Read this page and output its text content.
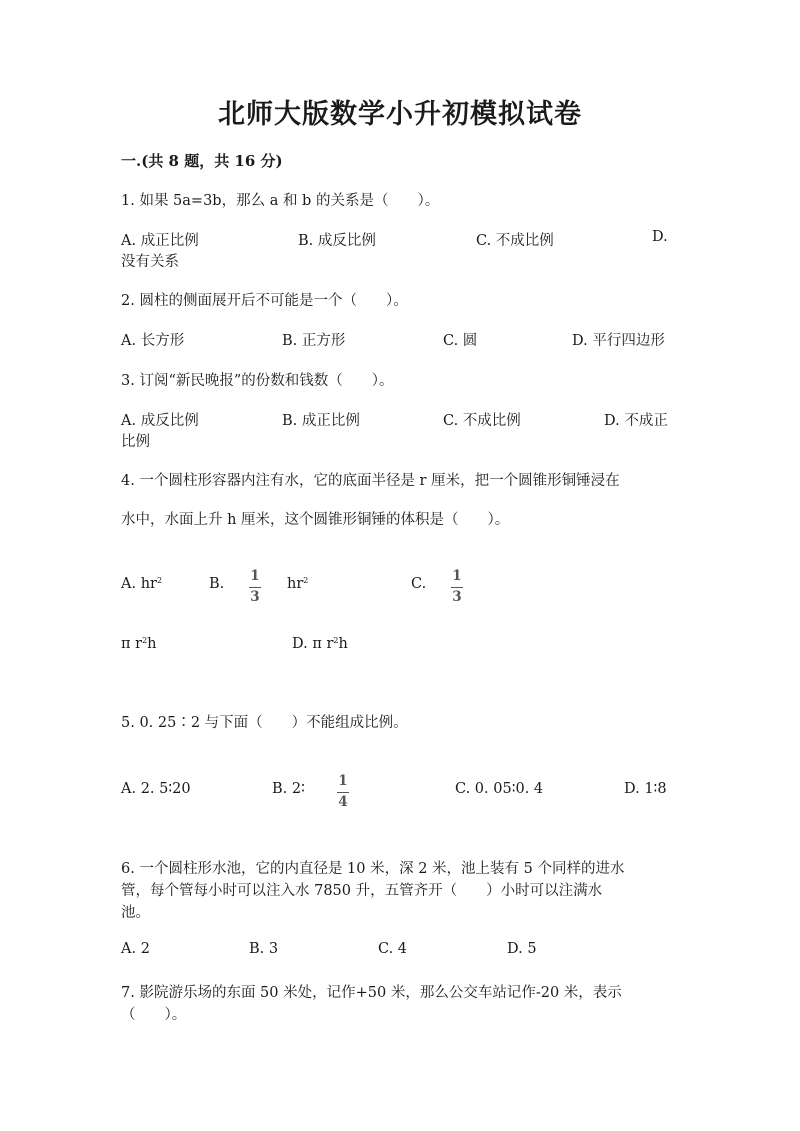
北师大版数学小升初模拟试卷
一.(共 8 题，共 16 分)
1. 如果 5a=3b，那么 a 和 b 的关系是（　　）。
A. 成正比例	B. 成反比例	C. 不成比例	D.
没有关系
2. 圆柱的侧面展开后不可能是一个（　　）。
A. 长方形	B. 正方形	C. 圆	D. 平行四边形
3. 订阅“新民晚报”的份数和钱数（　　）。
A. 成反比例	B. 成正比例	C. 不成比例	D. 不成正
比例
4. 一个圆柱形容器内注有水，它的底面半径是 r 厘米，把一个圆锥形铜锤浸在
水中，水面上升 h 厘米，这个圆锥形铜锤的体积是（　　）。
A. $hr^2$	B. 1
3
$hr^2$	C. 1
3
π $r^2h$	D. π $r^2h$
5. 0. 25∶2 与下面（　　）不能组成比例。
A. 2. 5∶20	B. 2∶ 1
4
C. 0. 05∶0. 4	D. 1∶8
6. 一个圆柱形水池，它的内直径是 10 米，深 2 米，池上装有 5 个同样的进水
管，每个管每小时可以注入水 7850 升，五管齐开（　　）小时可以注满水
池。
A. 2	B. 3	C. 4	D. 5
7. 影院游乐场的东面 50 米处，记作+50 米，那么公交车站记作-20 米，表示
（　　）。
